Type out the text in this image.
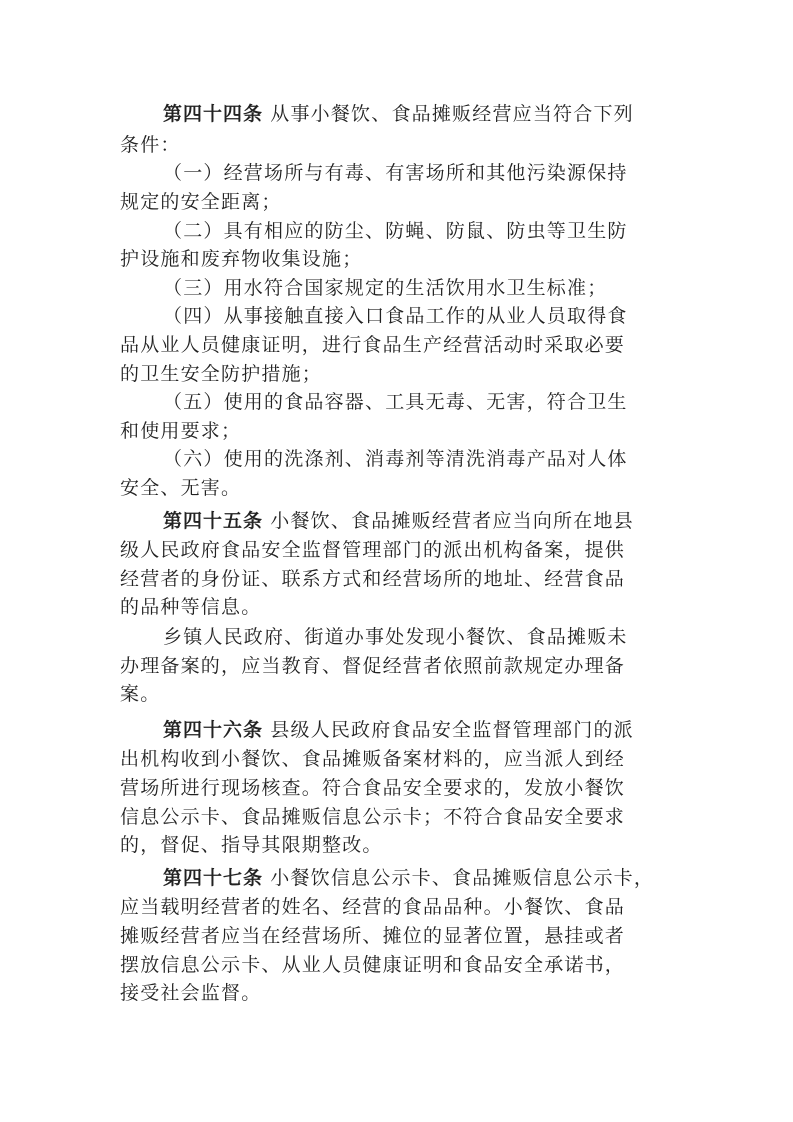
第四十四条 从事小餐饮、食品摊贩经营应当符合下列
条件：
（一）经营场所与有毒、有害场所和其他污染源保持
规定的安全距离；
（二）具有相应的防尘、防蝇、防鼠、防虫等卫生防
护设施和废弃物收集设施；
（三）用水符合国家规定的生活饮用水卫生标准；
（四）从事接触直接入口食品工作的从业人员取得食
品从业人员健康证明，进行食品生产经营活动时采取必要
的卫生安全防护措施；
（五）使用的食品容器、工具无毒、无害，符合卫生
和使用要求；
（六）使用的洗涤剂、消毒剂等清洗消毒产品对人体
安全、无害。
第四十五条 小餐饮、食品摊贩经营者应当向所在地县
级人民政府食品安全监督管理部门的派出机构备案，提供
经营者的身份证、联系方式和经营场所的地址、经营食品
的品种等信息。
乡镇人民政府、街道办事处发现小餐饮、食品摊贩未
办理备案的，应当教育、督促经营者依照前款规定办理备
案。
第四十六条 县级人民政府食品安全监督管理部门的派
出机构收到小餐饮、食品摊贩备案材料的，应当派人到经
营场所进行现场核查。符合食品安全要求的，发放小餐饮
信息公示卡、食品摊贩信息公示卡；不符合食品安全要求
的，督促、指导其限期整改。
第四十七条 小餐饮信息公示卡、食品摊贩信息公示卡，
应当载明经营者的姓名、经营的食品品种。小餐饮、食品
摊贩经营者应当在经营场所、摊位的显著位置，悬挂或者
摆放信息公示卡、从业人员健康证明和食品安全承诺书，
接受社会监督。
